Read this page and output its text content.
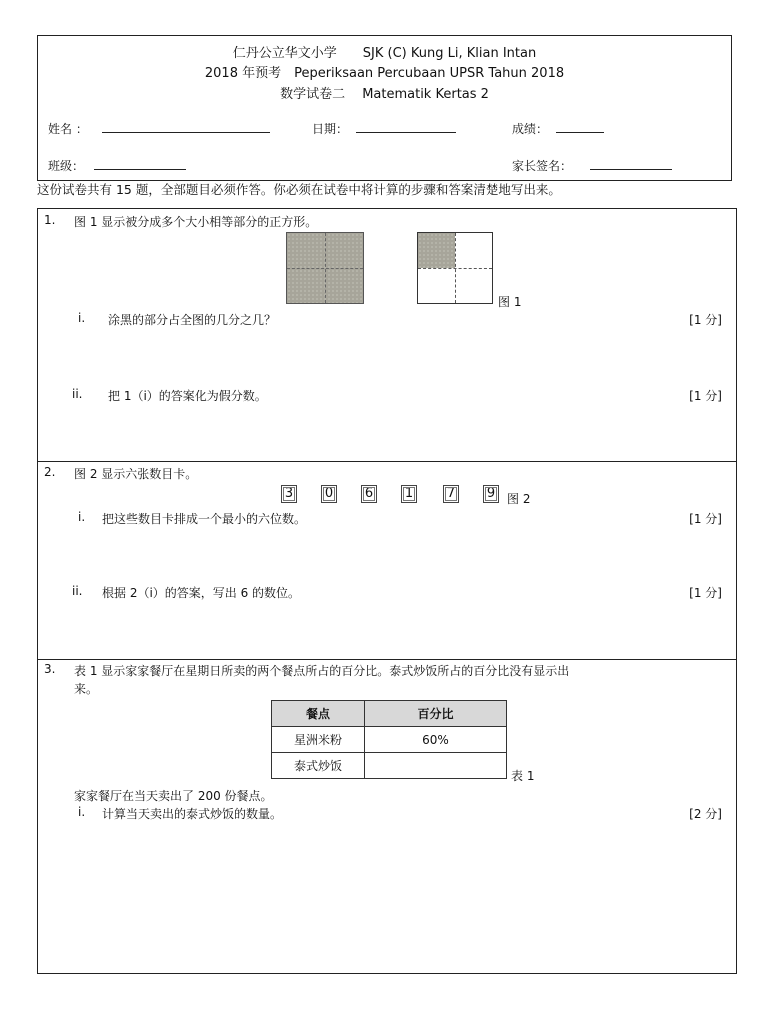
仁丹公立华文小学　　SJK (C) Kung Li, Klian Intan
2018 年预考　Peperiksaan Percubaan UPSR Tahun 2018
数学试卷二　 Matematik Kertas 2
姓名 ：	日期：	成绩：
班级：	家长签名：
这份试卷共有 15 题，全部题目必须作答。你必须在试卷中将计算的步骤和答案清楚地写出来。
1. 图 1 显示被分成多个大小相等部分的正方形。
图 1
i. 涂黑的部分占全图的几分之几？	[1 分]
ii. 把 1（i）的答案化为假分数。	[1 分]
2. 图 2 显示六张数目卡。
3 0 6 1	7 9 图 2
i. 把这些数目卡排成一个最小的六位数。	[1 分]
ii. 根据 2（i）的答案，写出 6 的数位。	[1 分]
3. 表 1 显示家家餐厅在星期日所卖的两个餐点所占的百分比。泰式炒饭所占的百分比没有显示出
来。
餐点	百分比
星洲米粉	60%
泰式炒饭	
表 1
家家餐厅在当天卖出了 200 份餐点。
i. 计算当天卖出的泰式炒饭的数量。	[2 分]
